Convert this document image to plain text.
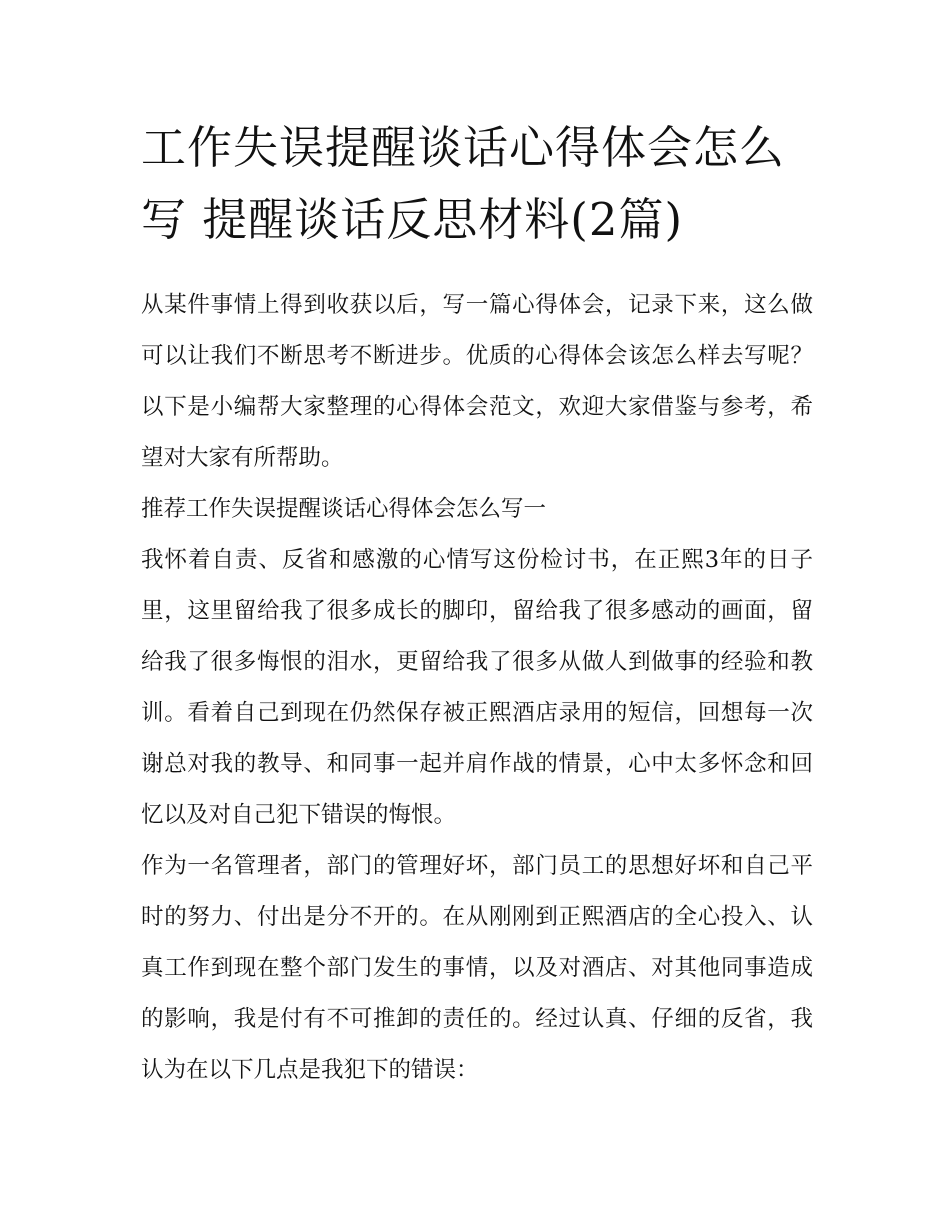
工作失误提醒谈话心得体会怎么写 提醒谈话反思材料(2篇)

从某件事情上得到收获以后，写一篇心得体会，记录下来，这么做可以让我们不断思考不断进步。优质的心得体会该怎么样去写呢？以下是小编帮大家整理的心得体会范文，欢迎大家借鉴与参考，希望对大家有所帮助。

推荐工作失误提醒谈话心得体会怎么写一

我怀着自责、反省和感激的心情写这份检讨书，在正熙3年的日子里，这里留给我了很多成长的脚印，留给我了很多感动的画面，留给我了很多悔恨的泪水，更留给我了很多从做人到做事的经验和教训。看着自己到现在仍然保存被正熙酒店录用的短信，回想每一次谢总对我的教导、和同事一起并肩作战的情景，心中太多怀念和回忆以及对自己犯下错误的悔恨。

作为一名管理者，部门的管理好坏，部门员工的思想好坏和自己平时的努力、付出是分不开的。在从刚刚到正熙酒店的全心投入、认真工作到现在整个部门发生的事情，以及对酒店、对其他同事造成的影响，我是付有不可推卸的责任的。经过认真、仔细的反省，我认为在以下几点是我犯下的错误：
